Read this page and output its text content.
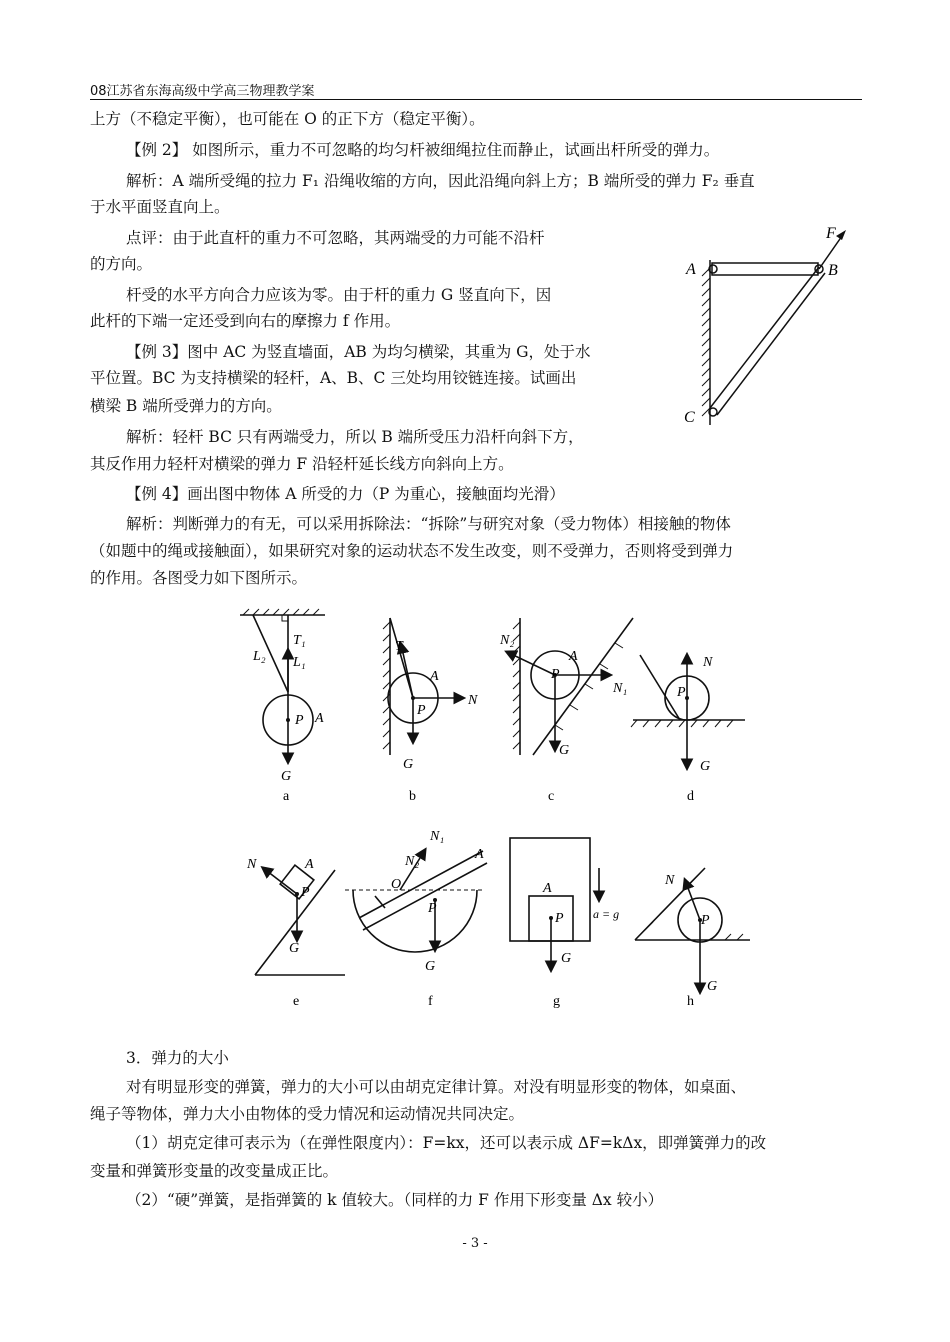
08江苏省东海高级中学高三物理教学案
上方（不稳定平衡），也可能在 O 的正下方（稳定平衡）。
【例 2】 如图所示，重力不可忽略的均匀杆被细绳拉住而静止，试画出杆所受的弹力。
解析：A 端所受绳的拉力 F₁ 沿绳收缩的方向，因此沿绳向斜上方；B 端所受的弹力 F₂ 垂直
于水平面竖直向上。
点评：由于此直杆的重力不可忽略，其两端受的力可能不沿杆
的方向。
杆受的水平方向合力应该为零。由于杆的重力 G 竖直向下，因
此杆的下端一定还受到向右的摩擦力 f 作用。
【例 3】图中 AC 为竖直墙面，AB 为均匀横梁，其重为 G，处于水
平位置。BC 为支持横梁的轻杆，A、B、C 三处均用铰链连接。试画出
横梁 B 端所受弹力的方向。
解析：轻杆 BC 只有两端受力，所以 B 端所受压力沿杆向斜下方，
其反作用力轻杆对横梁的弹力 F 沿轻杆延长线方向斜向上方。
【例 4】画出图中物体 A 所受的力（P 为重心，接触面均光滑）
解析：判断弹力的有无，可以采用拆除法：“拆除”与研究对象（受力物体）相接触的物体
（如题中的绳或接触面），如果研究对象的运动状态不发生改变，则不受弹力，否则将受到弹力
的作用。各图受力如下图所示。
A	B
C
F
L₂
T₁
L₁
P A
G
T
A
N
P
G
N₂
A
P
N₁
G
N
P
G
N	A
P
G
N₁
N₂
O
A
P
G
A
P a = g
G
N
P
G
a	b	c	d
e	f	g	h
3．弹力的大小
对有明显形变的弹簧，弹力的大小可以由胡克定律计算。对没有明显形变的物体，如桌面、
绳子等物体，弹力大小由物体的受力情况和运动情况共同决定。
（1）胡克定律可表示为（在弹性限度内）：F=kx，还可以表示成 ΔF=kΔx，即弹簧弹力的改
变量和弹簧形变量的改变量成正比。
（2）“硬”弹簧，是指弹簧的 k 值较大。（同样的力 F 作用下形变量 Δx 较小）
- 3 -
